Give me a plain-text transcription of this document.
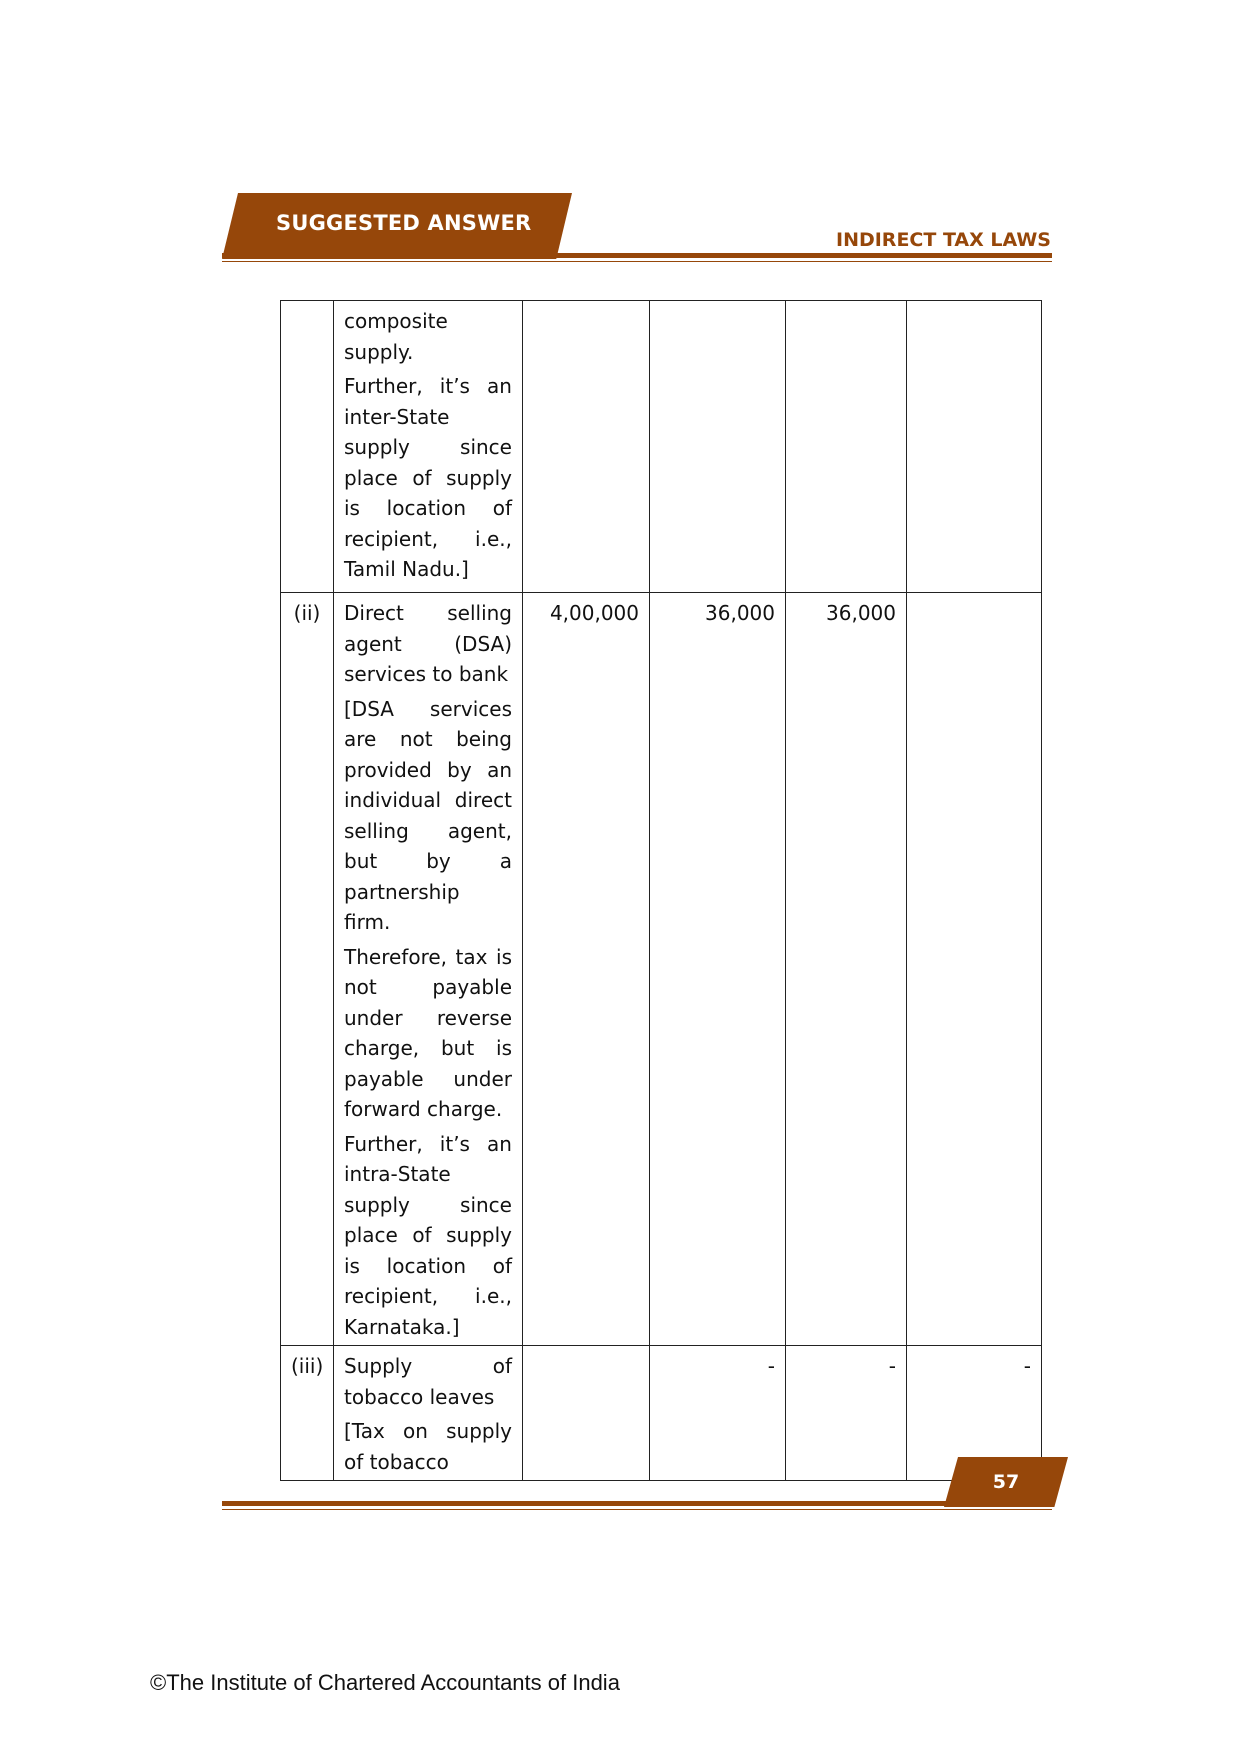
SUGGESTED ANSWER
INDIRECT TAX LAWS

	composite supply.

Further, it’s an inter-State supply since place of supply is location of recipient, i.e., Tamil Nadu.]				

(ii)	Direct selling agent (DSA) services to bank

[DSA services are not being provided by an individual direct selling agent, but by a partnership firm.

Therefore, tax is not payable under reverse charge, but is payable under forward charge.

Further, it’s an intra-State supply since place of supply is location of recipient, i.e., Karnataka.]	4,00,000	36,000	36,000	
(iii)	Supply of tobacco leaves

[Tax on supply of tobacco		-	-	-
57
©The Institute of Chartered Accountants of India
